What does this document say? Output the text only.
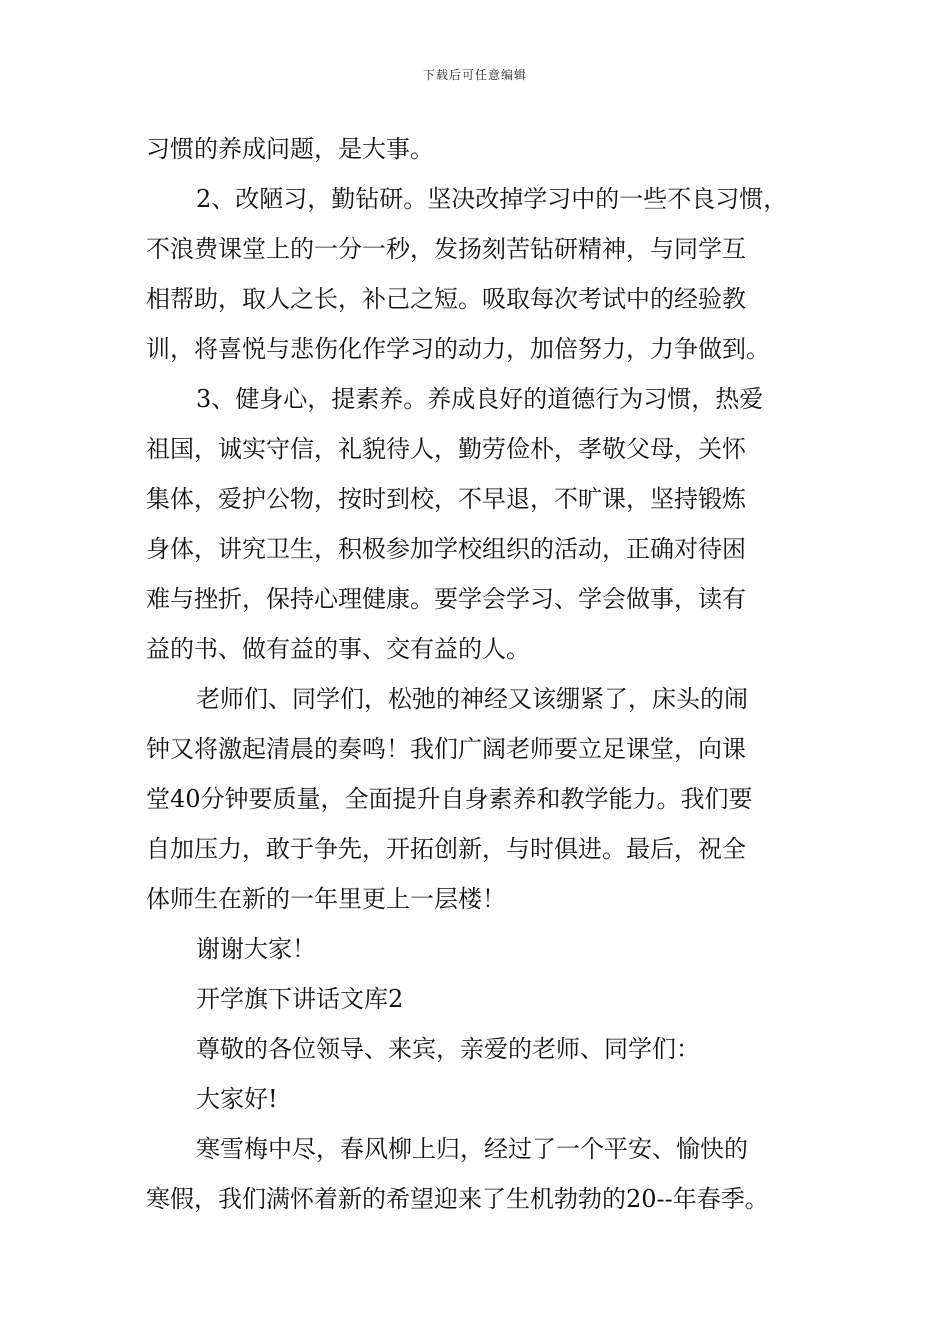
下载后可任意编辑
习惯的养成问题，是大事。
2、改陋习，勤钻研。坚决改掉学习中的一些不良习惯，
不浪费课堂上的一分一秒，发扬刻苦钻研精神，与同学互
相帮助，取人之长，补己之短。吸取每次考试中的经验教
训，将喜悦与悲伤化作学习的动力，加倍努力，力争做到。
3、健身心，提素养。养成良好的道德行为习惯，热爱
祖国，诚实守信，礼貌待人，勤劳俭朴，孝敬父母，关怀
集体，爱护公物，按时到校，不早退，不旷课，坚持锻炼
身体，讲究卫生，积极参加学校组织的活动，正确对待困
难与挫折，保持心理健康。要学会学习、学会做事，读有
益的书、做有益的事、交有益的人。
老师们、同学们，松弛的神经又该绷紧了，床头的闹
钟又将激起清晨的奏鸣！我们广阔老师要立足课堂，向课
堂40分钟要质量，全面提升自身素养和教学能力。我们要
自加压力，敢于争先，开拓创新，与时俱进。最后，祝全
体师生在新的一年里更上一层楼！
谢谢大家！
开学旗下讲话文库2
尊敬的各位领导、来宾，亲爱的老师、同学们：
大家好!
寒雪梅中尽，春风柳上归，经过了一个平安、愉快的
寒假，我们满怀着新的希望迎来了生机勃勃的20--年春季。
